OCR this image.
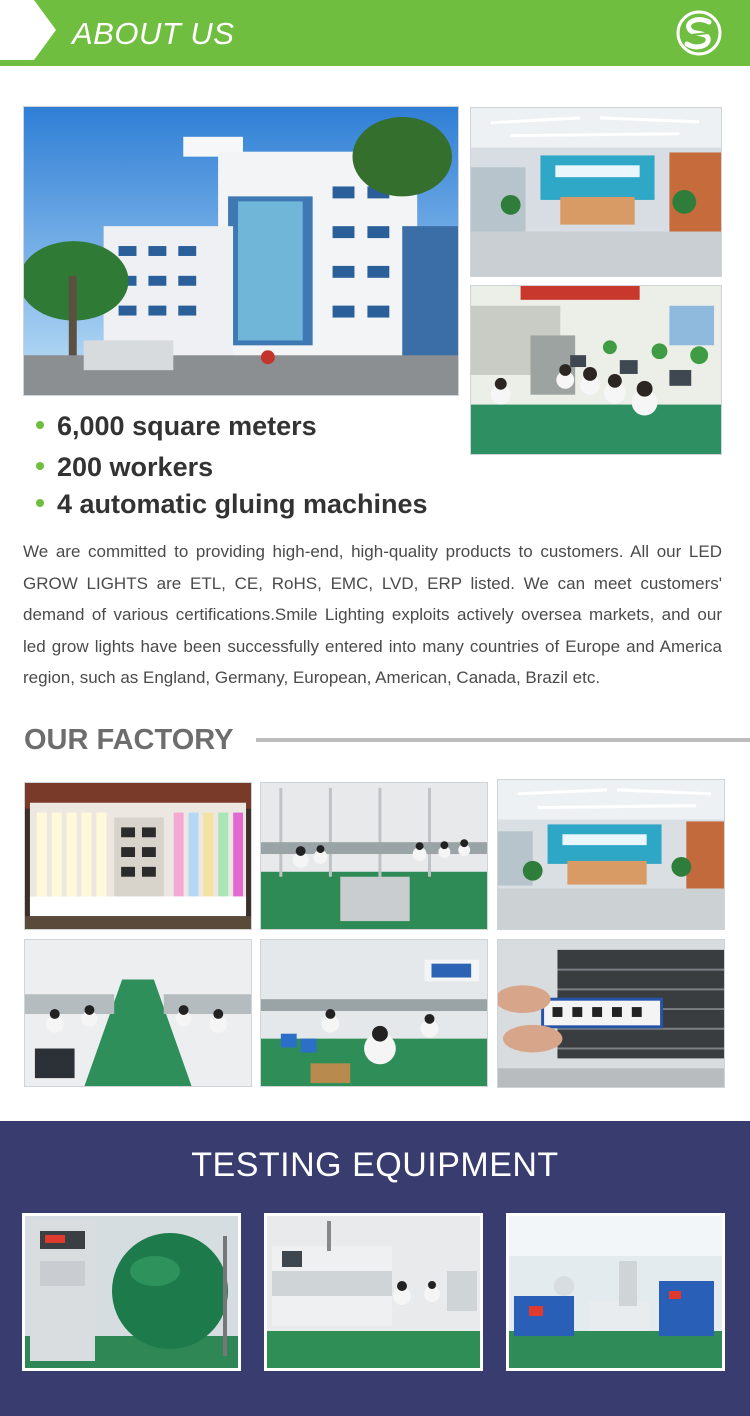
ABOUT US
6,000 square meters
200 workers
4 automatic gluing machines
We are committed to providing high-end, high-quality products to customers. All our LED GROW LIGHTS are ETL, CE, RoHS, EMC, LVD, ERP listed. We can meet customers' demand of various certifications.Smile Lighting exploits actively oversea markets, and our led grow lights have been successfully entered into many countries of Europe and America region, such as England, Germany, European, American, Canada, Brazil etc.
OUR FACTORY
TESTING EQUIPMENT
